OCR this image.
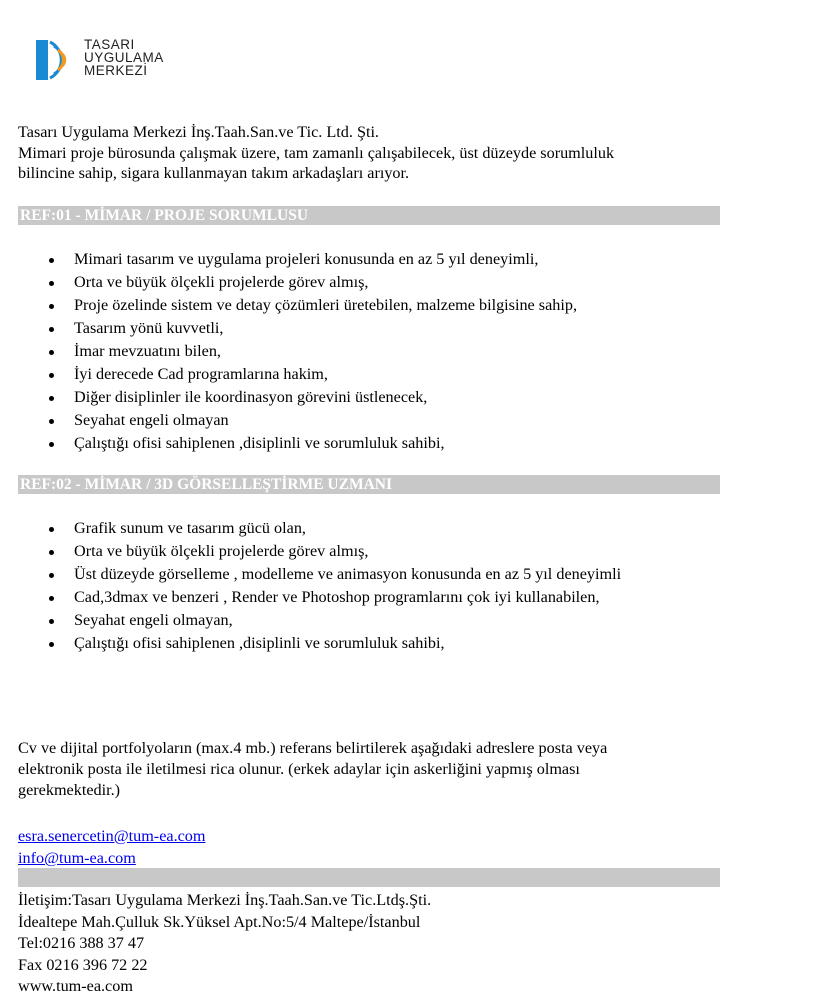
TASARI
UYGULAMA
MERKEZİ
Tasarı Uygulama Merkezi İnş.Taah.San.ve Tic. Ltd. Şti.
Mimari proje bürosunda çalışmak üzere, tam zamanlı çalışabilecek, üst düzeyde sorumluluk
bilincine sahip, sigara kullanmayan takım arkadaşları arıyor.
REF:01 - MİMAR / PROJE SORUMLUSU
Mimari tasarım ve uygulama projeleri konusunda en az 5 yıl deneyimli,
Orta ve büyük ölçekli projelerde görev almış,
Proje özelinde sistem ve detay çözümleri üretebilen, malzeme bilgisine sahip,
Tasarım yönü kuvvetli,
İmar mevzuatını bilen,
İyi derecede Cad programlarına hakim,
Diğer disiplinler ile koordinasyon görevini üstlenecek,
Seyahat engeli olmayan
Çalıştığı ofisi sahiplenen ,disiplinli ve sorumluluk sahibi,
REF:02 - MİMAR / 3D GÖRSELLEŞTİRME UZMANI
Grafik sunum ve tasarım gücü olan,
Orta ve büyük ölçekli projelerde görev almış,
Üst düzeyde görselleme , modelleme ve animasyon konusunda en az 5 yıl deneyimli
Cad,3dmax ve benzeri , Render ve Photoshop programlarını çok iyi kullanabilen,
Seyahat engeli olmayan,
Çalıştığı ofisi sahiplenen ,disiplinli ve sorumluluk sahibi,
Cv ve dijital portfolyoların (max.4 mb.) referans belirtilerek aşağıdaki adreslere posta veya
elektronik posta ile iletilmesi rica olunur. (erkek adaylar için askerliğini yapmış olması
gerekmektedir.)
esra.senercetin@tum-ea.com
info@tum-ea.com
İletişim:Tasarı Uygulama Merkezi İnş.Taah.San.ve Tic.Ltdş.Şti.
İdealtepe Mah.Çulluk Sk.Yüksel Apt.No:5/4 Maltepe/İstanbul
Tel:0216 388 37 47
Fax 0216 396 72 22
www.tum-ea.com
